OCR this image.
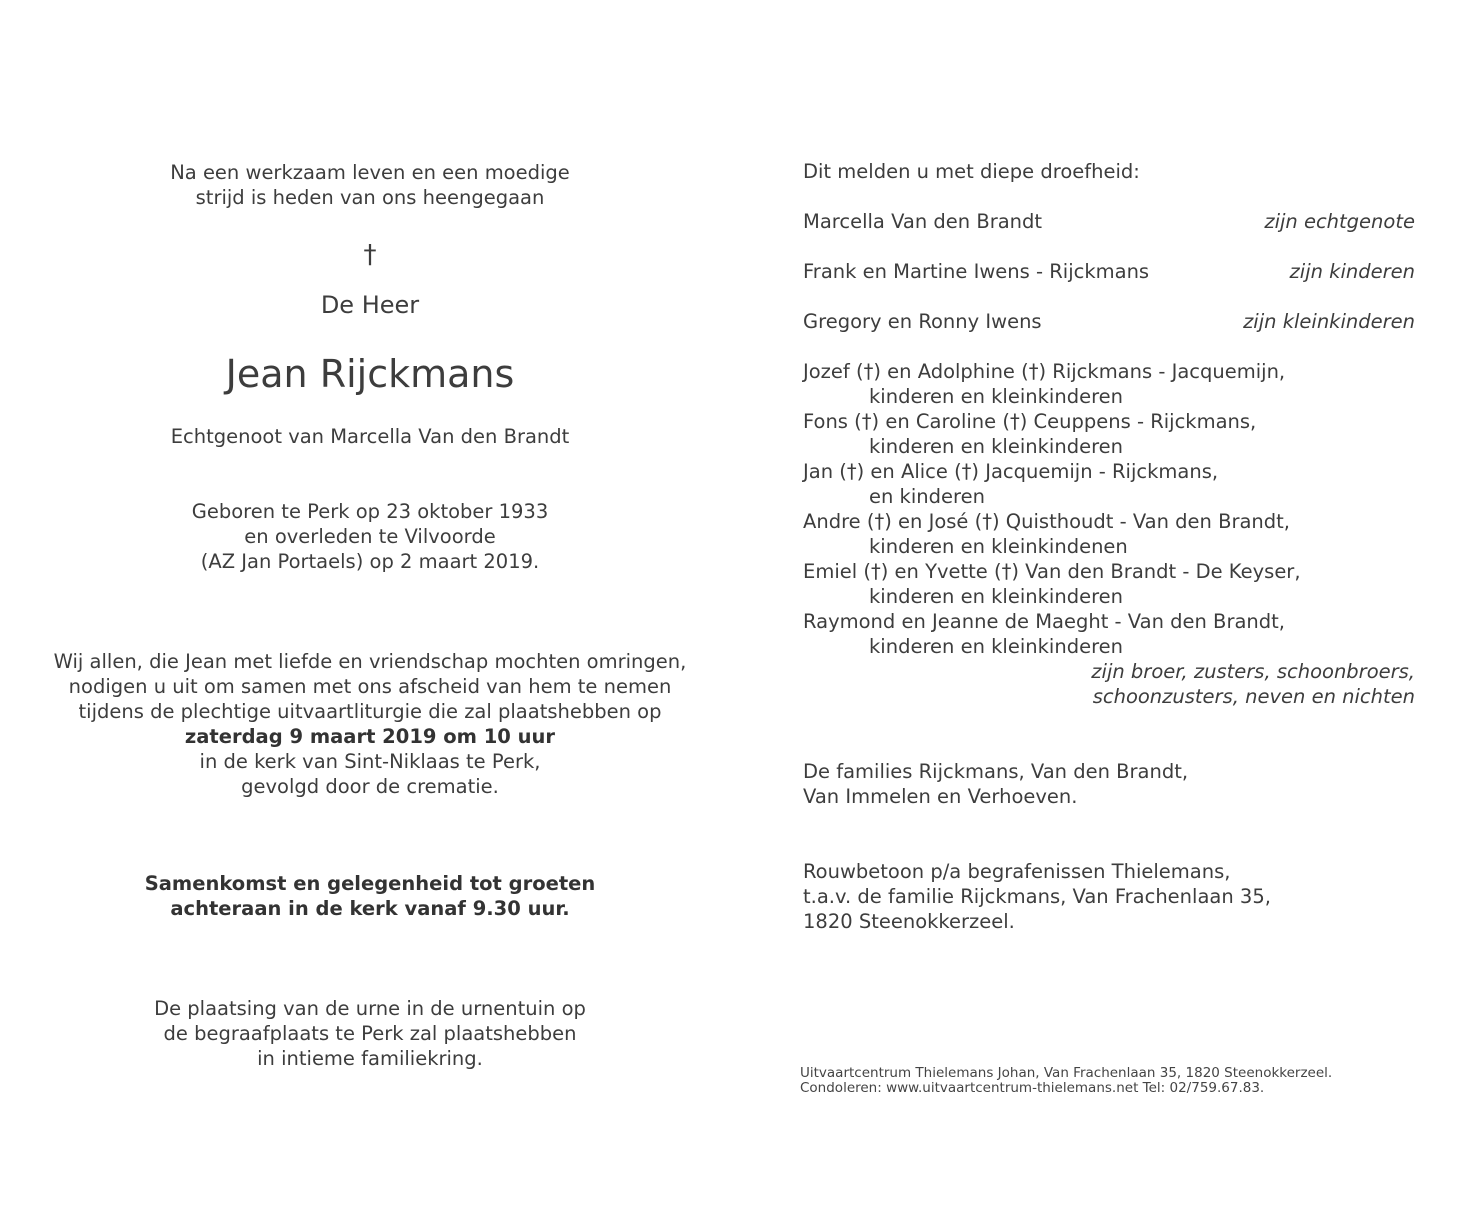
Na een werkzaam leven en een moedige

strijd is heden van ons heengegaan

†

De Heer

Jean Rijckmans

Echtgenoot van Marcella Van den Brandt

Geboren te Perk op 23 oktober 1933

en overleden te Vilvoorde

(AZ Jan Portaels) op 2 maart 2019.

Wij allen, die Jean met liefde en vriendschap mochten omringen,

nodigen u uit om samen met ons afscheid van hem te nemen

tijdens de plechtige uitvaartliturgie die zal plaatshebben op

zaterdag 9 maart 2019 om 10 uur

in de kerk van Sint-Niklaas te Perk,

gevolgd door de crematie.

Samenkomst en gelegenheid tot groeten

achteraan in de kerk vanaf 9.30 uur.

De plaatsing van de urne in de urnentuin op

de begraafplaats te Perk zal plaatshebben

in intieme familiekring.

Dit melden u met diepe droefheid:

Marcella Van den Brandt	zijn echtgenote
Frank en Martine Iwens - Rijckmans	zijn kinderen
Gregory en Ronny Iwens	zijn kleinkinderen

Jozef (†) en Adolphine (†) Rijckmans - Jacquemijn,

kinderen en kleinkinderen

Fons (†) en Caroline (†) Ceuppens - Rijckmans,

kinderen en kleinkinderen

Jan (†) en Alice (†) Jacquemijn - Rijckmans,

en kinderen

Andre (†) en José (†) Quisthoudt - Van den Brandt,

kinderen en kleinkindenen

Emiel (†) en Yvette (†) Van den Brandt - De Keyser,

kinderen en kleinkinderen

Raymond en Jeanne de Maeght - Van den Brandt,

kinderen en kleinkinderen

zijn broer, zusters, schoonbroers,

schoonzusters, neven en nichten

De families Rijckmans, Van den Brandt,

Van Immelen en Verhoeven.

Rouwbetoon p/a begrafenissen Thielemans,

t.a.v. de familie Rijckmans, Van Frachenlaan 35,

1820 Steenokkerzeel.

Uitvaartcentrum Thielemans Johan, Van Frachenlaan 35, 1820 Steenokkerzeel.

Condoleren: www.uitvaartcentrum-thielemans.net Tel: 02/759.67.83.
